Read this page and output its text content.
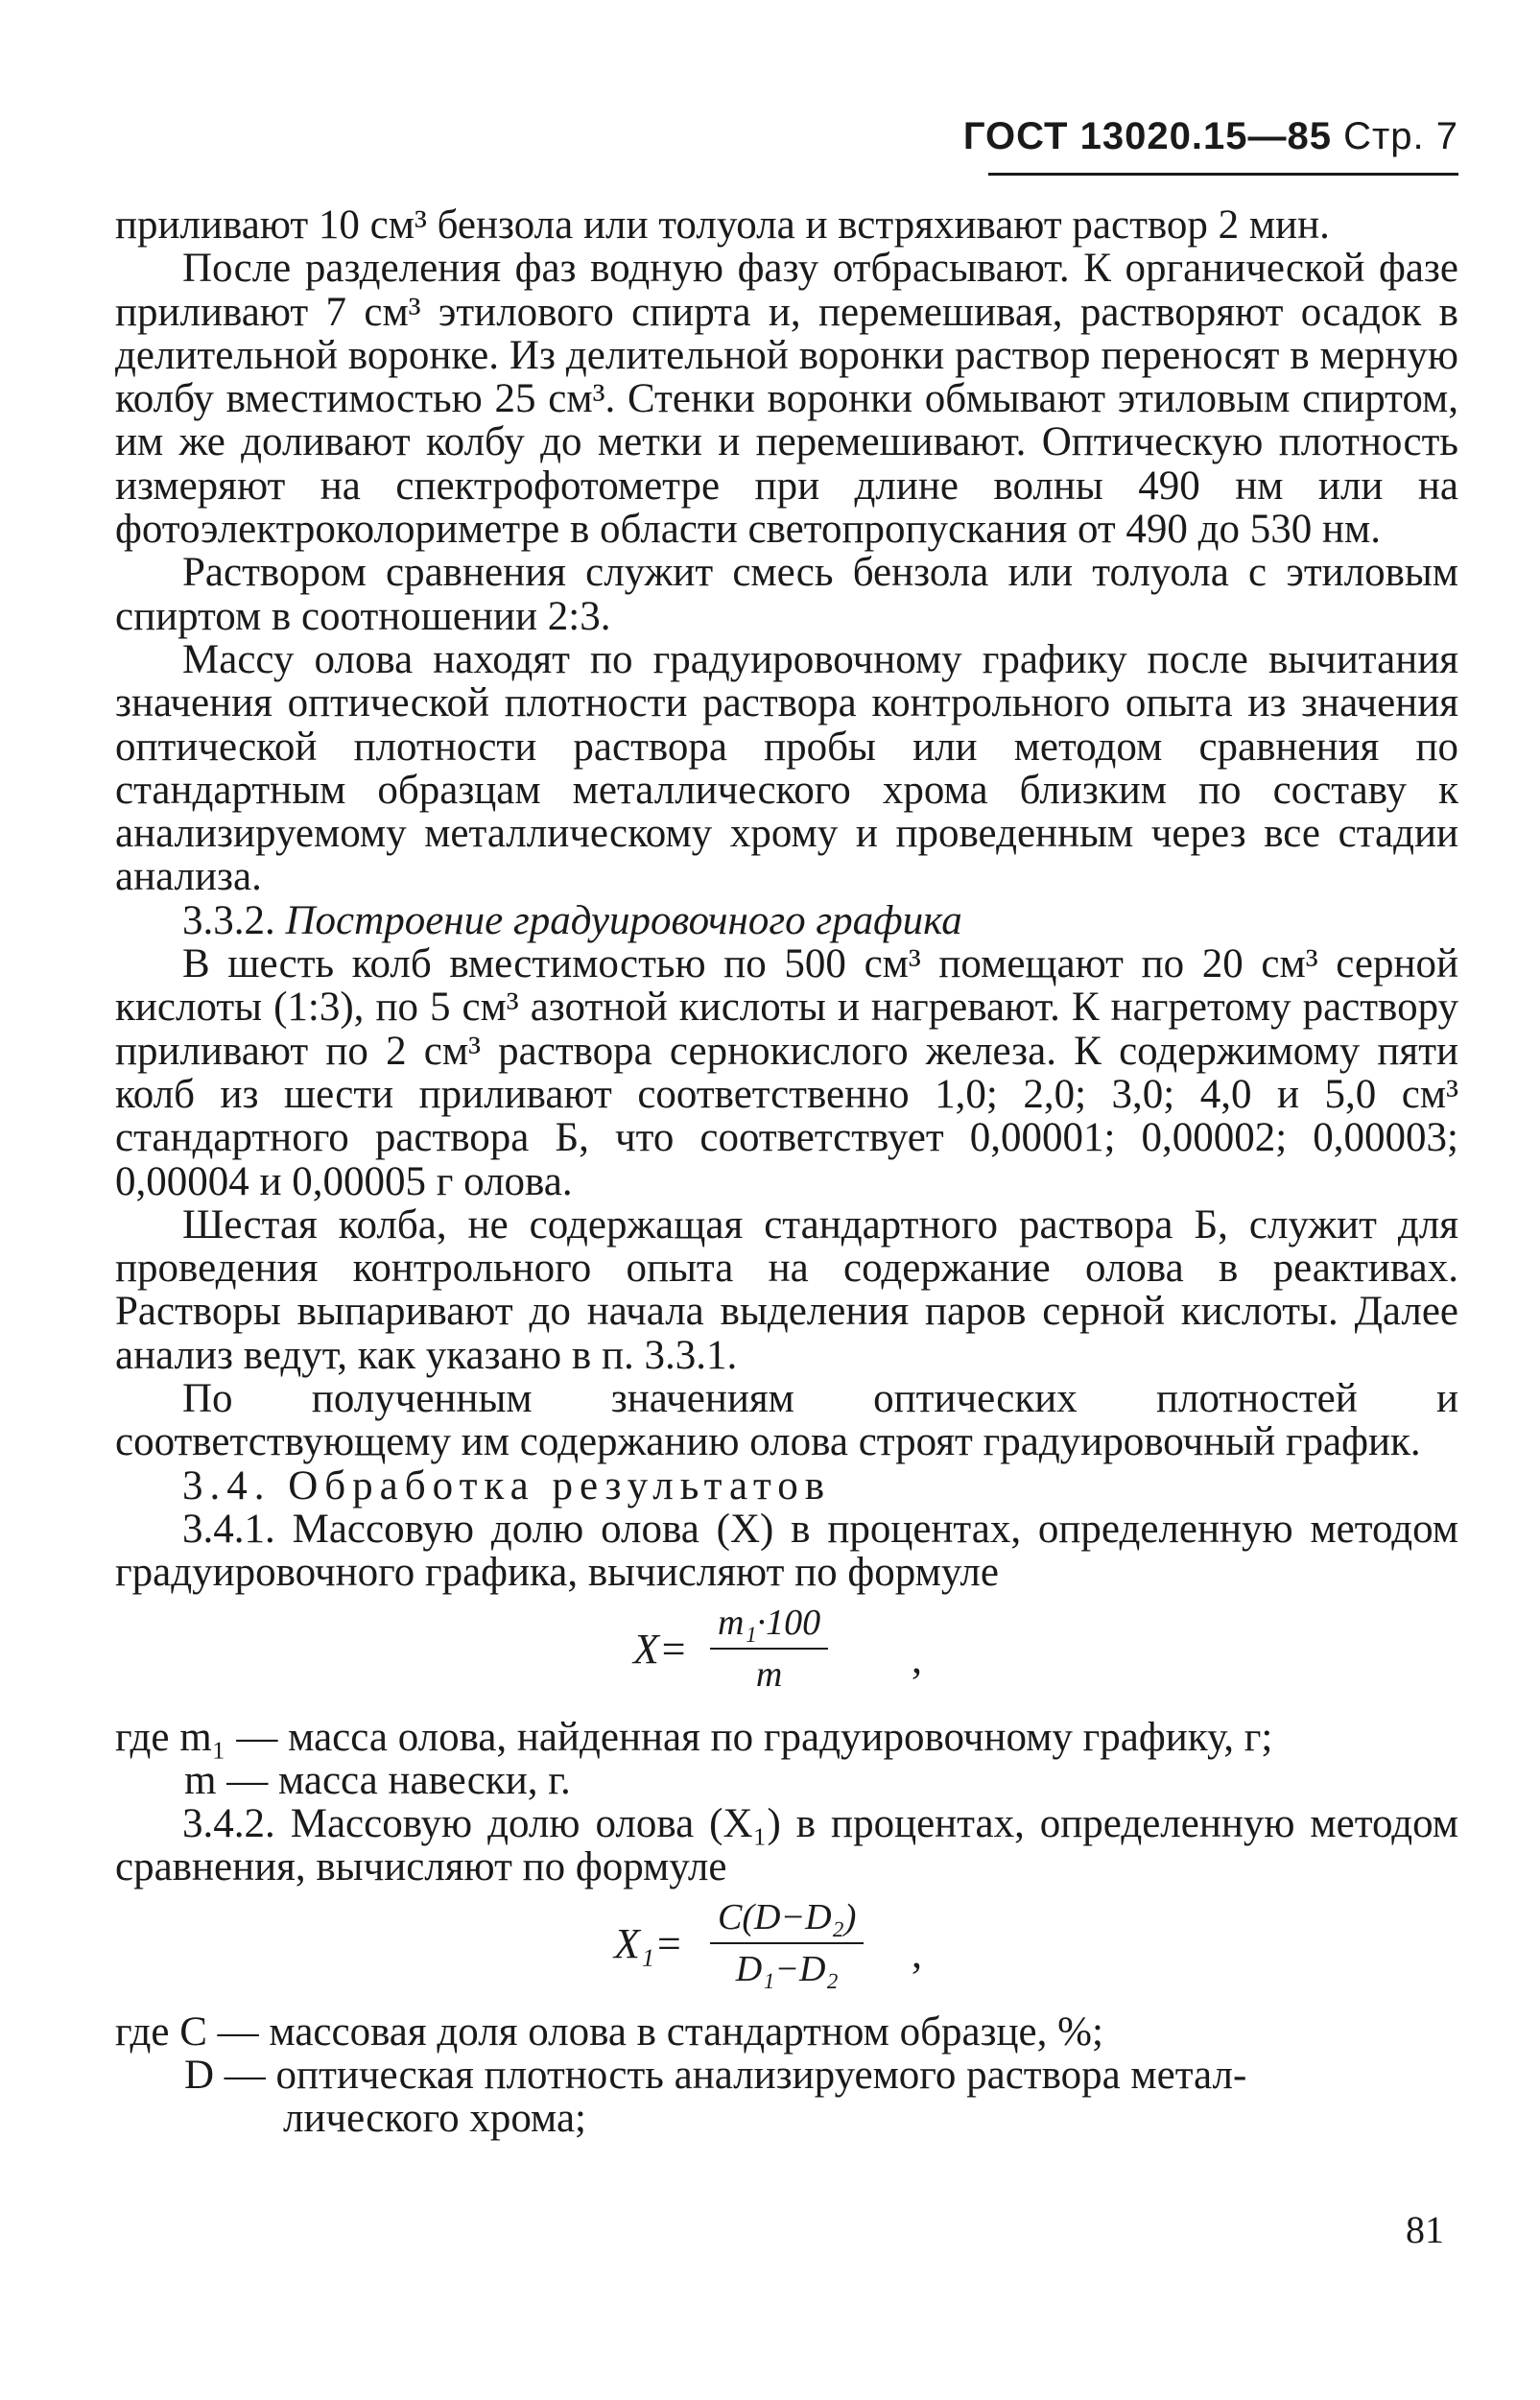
ГОСТ 13020.15—85 Стр. 7

приливают 10 см³ бензола или толуола и встряхивают раствор 2 мин.

После разделения фаз водную фазу отбрасывают. К органической фазе приливают 7 см³ этилового спирта и, перемешивая, растворяют осадок в делительной воронке. Из делительной воронки раствор переносят в мерную колбу вместимостью 25 см³. Стенки воронки обмывают этиловым спиртом, им же доливают колбу до метки и перемешивают. Оптическую плотность измеряют на спектрофотометре при длине волны 490 нм или на фотоэлектроколориметре в области светопропускания от 490 до 530 нм.

Раствором сравнения служит смесь бензола или толуола с этиловым спиртом в соотношении 2:3.

Массу олова находят по градуировочному графику после вычитания значения оптической плотности раствора контрольного опыта из значения оптической плотности раствора пробы или методом сравнения по стандартным образцам металлического хрома близким по составу к анализируемому металлическому хрому и проведенным через все стадии анализа.

3.3.2. Построение градуировочного графика

В шесть колб вместимостью по 500 см³ помещают по 20 см³ серной кислоты (1:3), по 5 см³ азотной кислоты и нагревают. К нагретому раствору приливают по 2 см³ раствора сернокислого железа. К содержимому пяти колб из шести приливают соответственно 1,0; 2,0; 3,0; 4,0 и 5,0 см³ стандартного раствора Б, что соответствует 0,00001; 0,00002; 0,00003; 0,00004 и 0,00005 г олова.

Шестая колба, не содержащая стандартного раствора Б, служит для проведения контрольного опыта на содержание олова в реактивах. Растворы выпаривают до начала выделения паров серной кислоты. Далее анализ ведут, как указано в п. 3.3.1.

По полученным значениям оптических плотностей и соответствующему им содержанию олова строят градуировочный график.

3.4. Обработка результатов

3.4.1. Массовую долю олова (X) в процентах, определенную методом градуировочного графика, вычисляют по формуле

$X= \frac{\text{m₁·100}}{m}$ ,

где m₁ — масса олова, найденная по градуировочному графику, г;

m — масса навески, г.

3.4.2. Массовую долю олова (X₁) в процентах, определенную методом сравнения, вычисляют по формуле

$X_1= \frac{\text{C(D−D₂)}}{\text{D₁−D₂}}$ ,

где C — массовая доля олова в стандартном образце, %;

D — оптическая плотность анализируемого раствора метал-

лического хрома;

81
